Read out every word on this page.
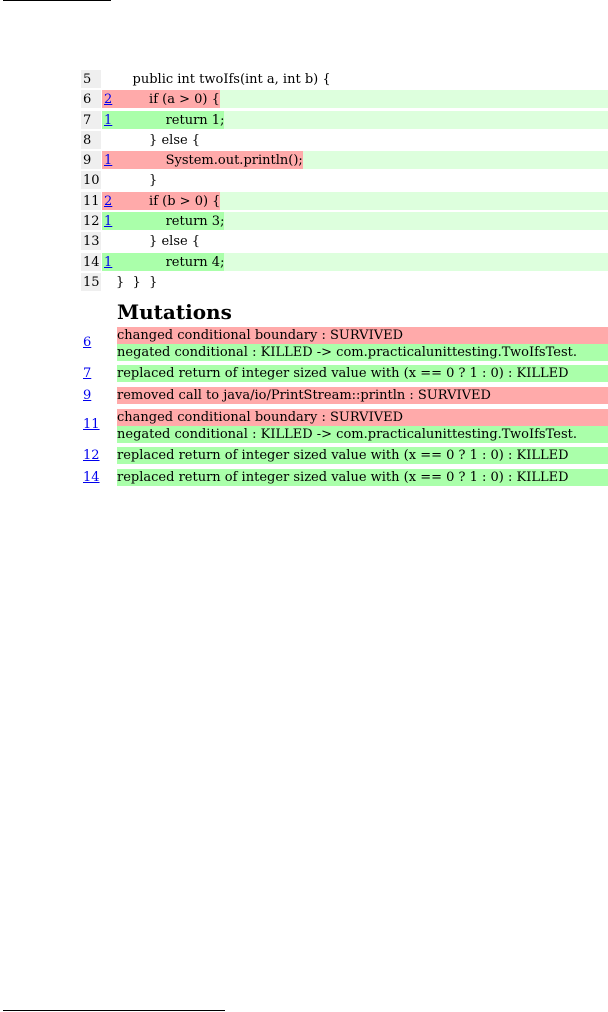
5	public int twoIfs(int a, int b) {
6 2 if (a > 0) {
7 1 return 1;
8	} else {
9 1 System.out.println();
10 }
11 2 if (b > 0) {
12 1 return 3;
13 } else {
14 1 return 4;
15 }  }  }
Mutations
6 changed conditional boundary : SURVIVED
negated conditional : KILLED -> com.practicalunittesting.TwoIfsTest.
7 replaced return of integer sized value with (x == 0 ? 1 : 0) : KILLED
9 removed call to java/io/PrintStream::println : SURVIVED
11 changed conditional boundary : SURVIVED
negated conditional : KILLED -> com.practicalunittesting.TwoIfsTest.
12 replaced return of integer sized value with (x == 0 ? 1 : 0) : KILLED
14 replaced return of integer sized value with (x == 0 ? 1 : 0) : KILLED
